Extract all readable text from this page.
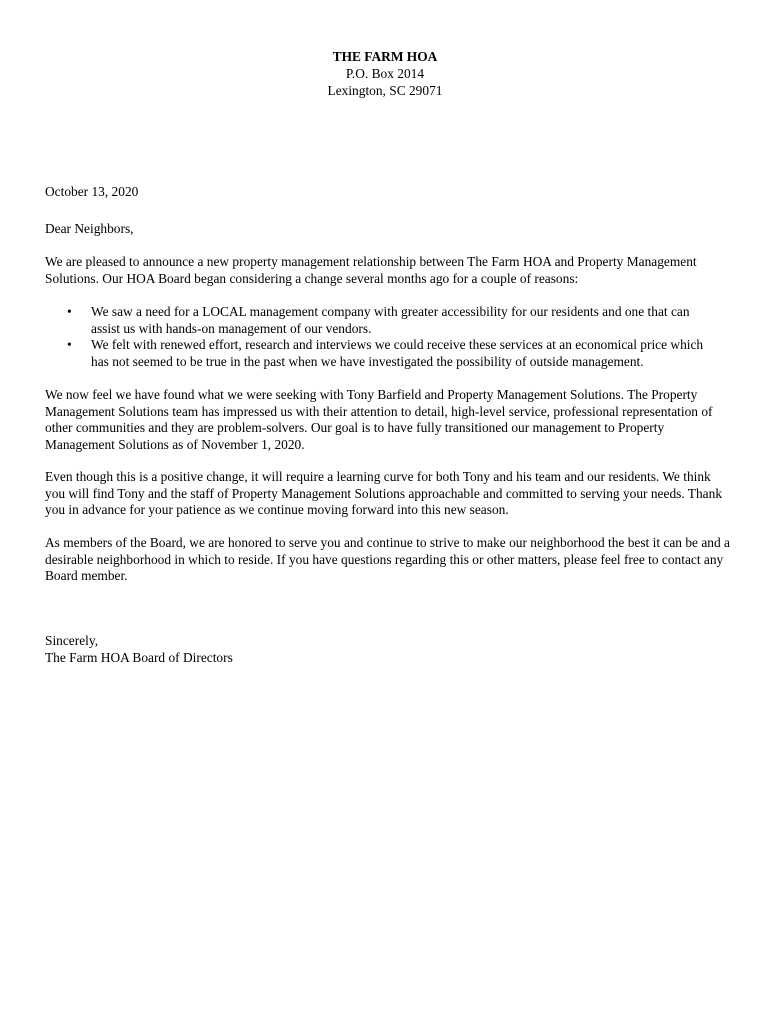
THE FARM HOA
P.O. Box 2014
Lexington, SC 29071

October 13, 2020

Dear Neighbors,

We are pleased to announce a new property management relationship between The Farm HOA and Property Management Solutions. Our HOA Board began considering a change several months ago for a couple of reasons:

• We saw a need for a LOCAL management company with greater accessibility for our residents and one that can
assist us with hands-on management of our vendors.
• We felt with renewed effort, research and interviews we could receive these services at an economical price which
has not seemed to be true in the past when we have investigated the possibility of outside management.

We now feel we have found what we were seeking with Tony Barfield and Property Management Solutions. The Property Management Solutions team has impressed us with their attention to detail, high-level service, professional representation of other communities and they are problem-solvers. Our goal is to have fully transitioned our management to Property Management Solutions as of November 1, 2020.

Even though this is a positive change, it will require a learning curve for both Tony and his team and our residents. We think you will find Tony and the staff of Property Management Solutions approachable and committed to serving your needs. Thank you in advance for your patience as we continue moving forward into this new season.

As members of the Board, we are honored to serve you and continue to strive to make our neighborhood the best it can be and a desirable neighborhood in which to reside. If you have questions regarding this or other matters, please feel free to contact any Board member.

Sincerely,
The Farm HOA Board of Directors
